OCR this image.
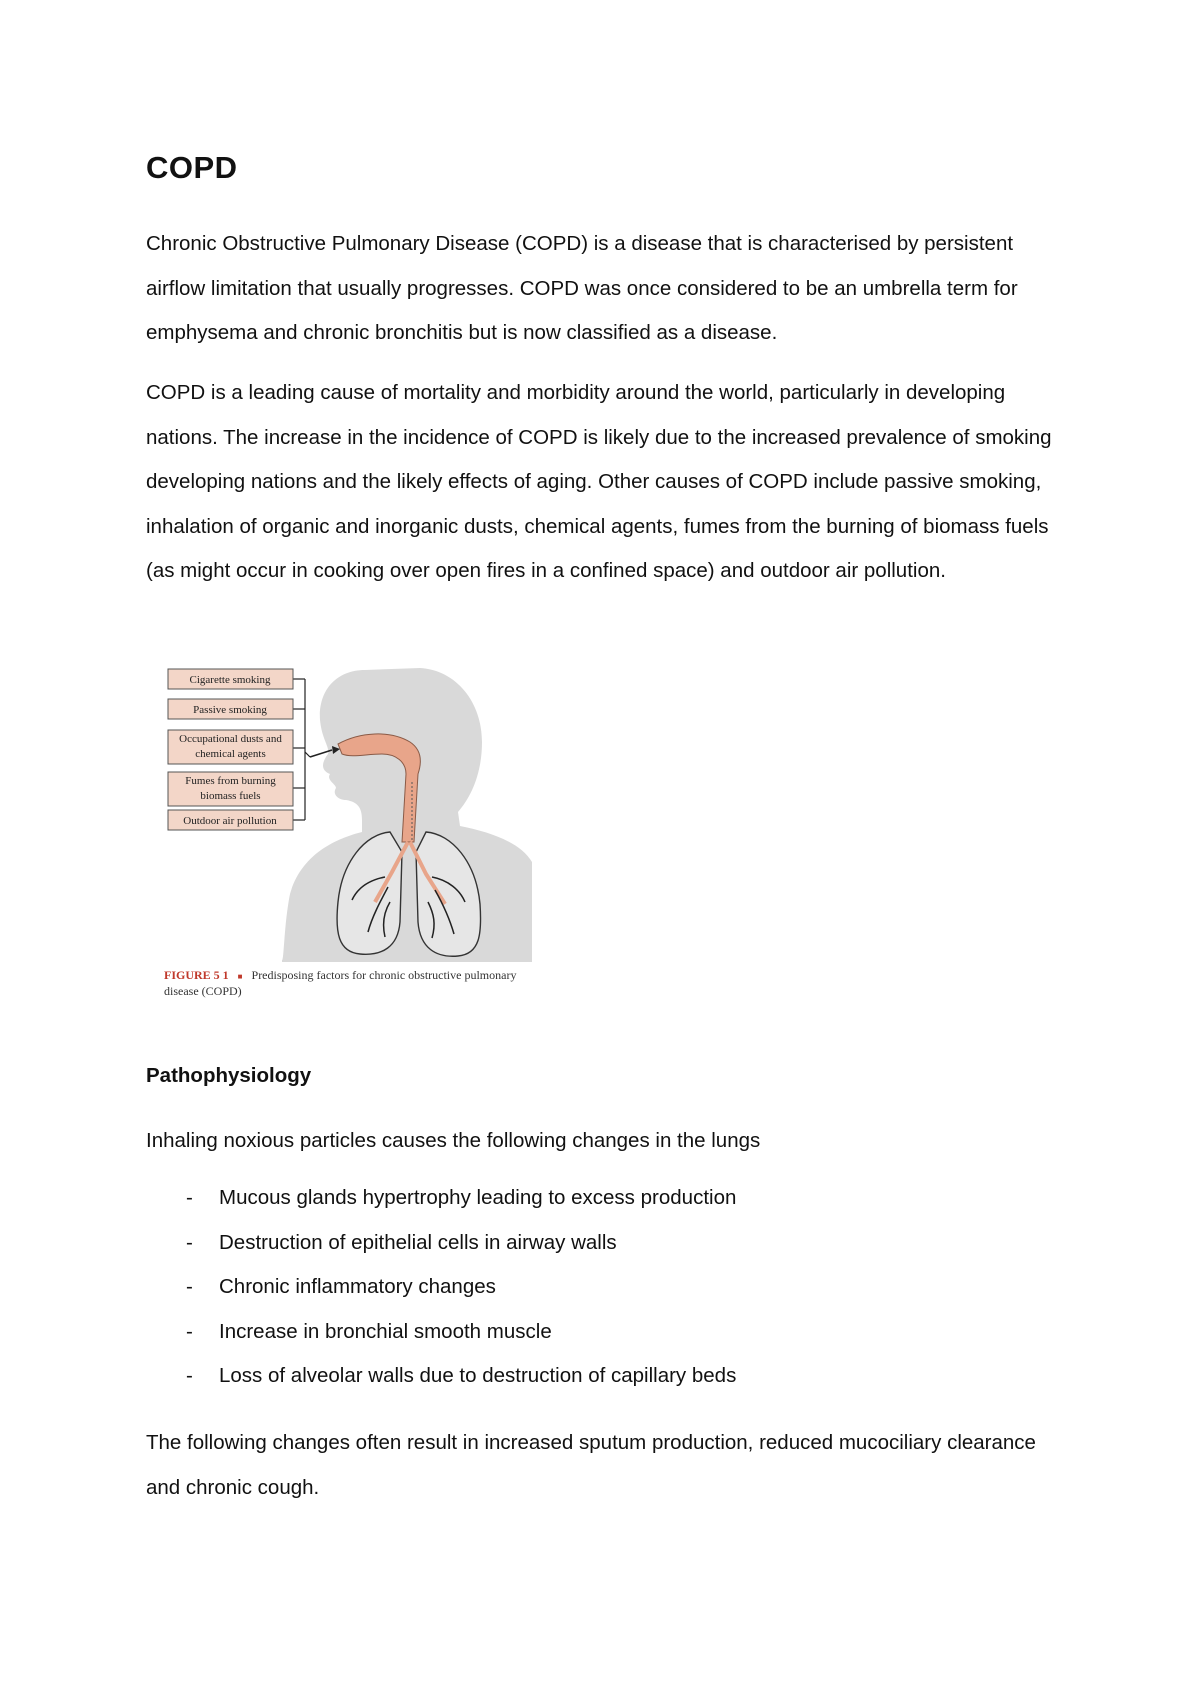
COPD

Chronic Obstructive Pulmonary Disease (COPD) is a disease that is characterised by persistent airflow limitation that usually progresses. COPD was once considered to be an umbrella term for emphysema and chronic bronchitis but is now classified as a disease.

COPD is a leading cause of mortality and morbidity around the world, particularly in developing nations. The increase in the incidence of COPD is likely due to the increased prevalence of smoking developing nations and the likely effects of aging. Other causes of COPD include passive smoking, inhalation of organic and inorganic dusts, chemical agents, fumes from the burning of biomass fuels (as might occur in cooking over open fires in a confined space) and outdoor air pollution.

Cigarette smoking
Passive smoking
Occupational dusts and chemical agents
Fumes from burning biomass fuels
Outdoor air pollution
FIGURE 5 1 ■ Predisposing factors for chronic obstructive pulmonary disease (COPD)

Pathophysiology

Inhaling noxious particles causes the following changes in the lungs

- Mucous glands hypertrophy leading to excess production
- Destruction of epithelial cells in airway walls
- Chronic inflammatory changes
- Increase in bronchial smooth muscle
- Loss of alveolar walls due to destruction of capillary beds

The following changes often result in increased sputum production, reduced mucociliary clearance and chronic cough.
